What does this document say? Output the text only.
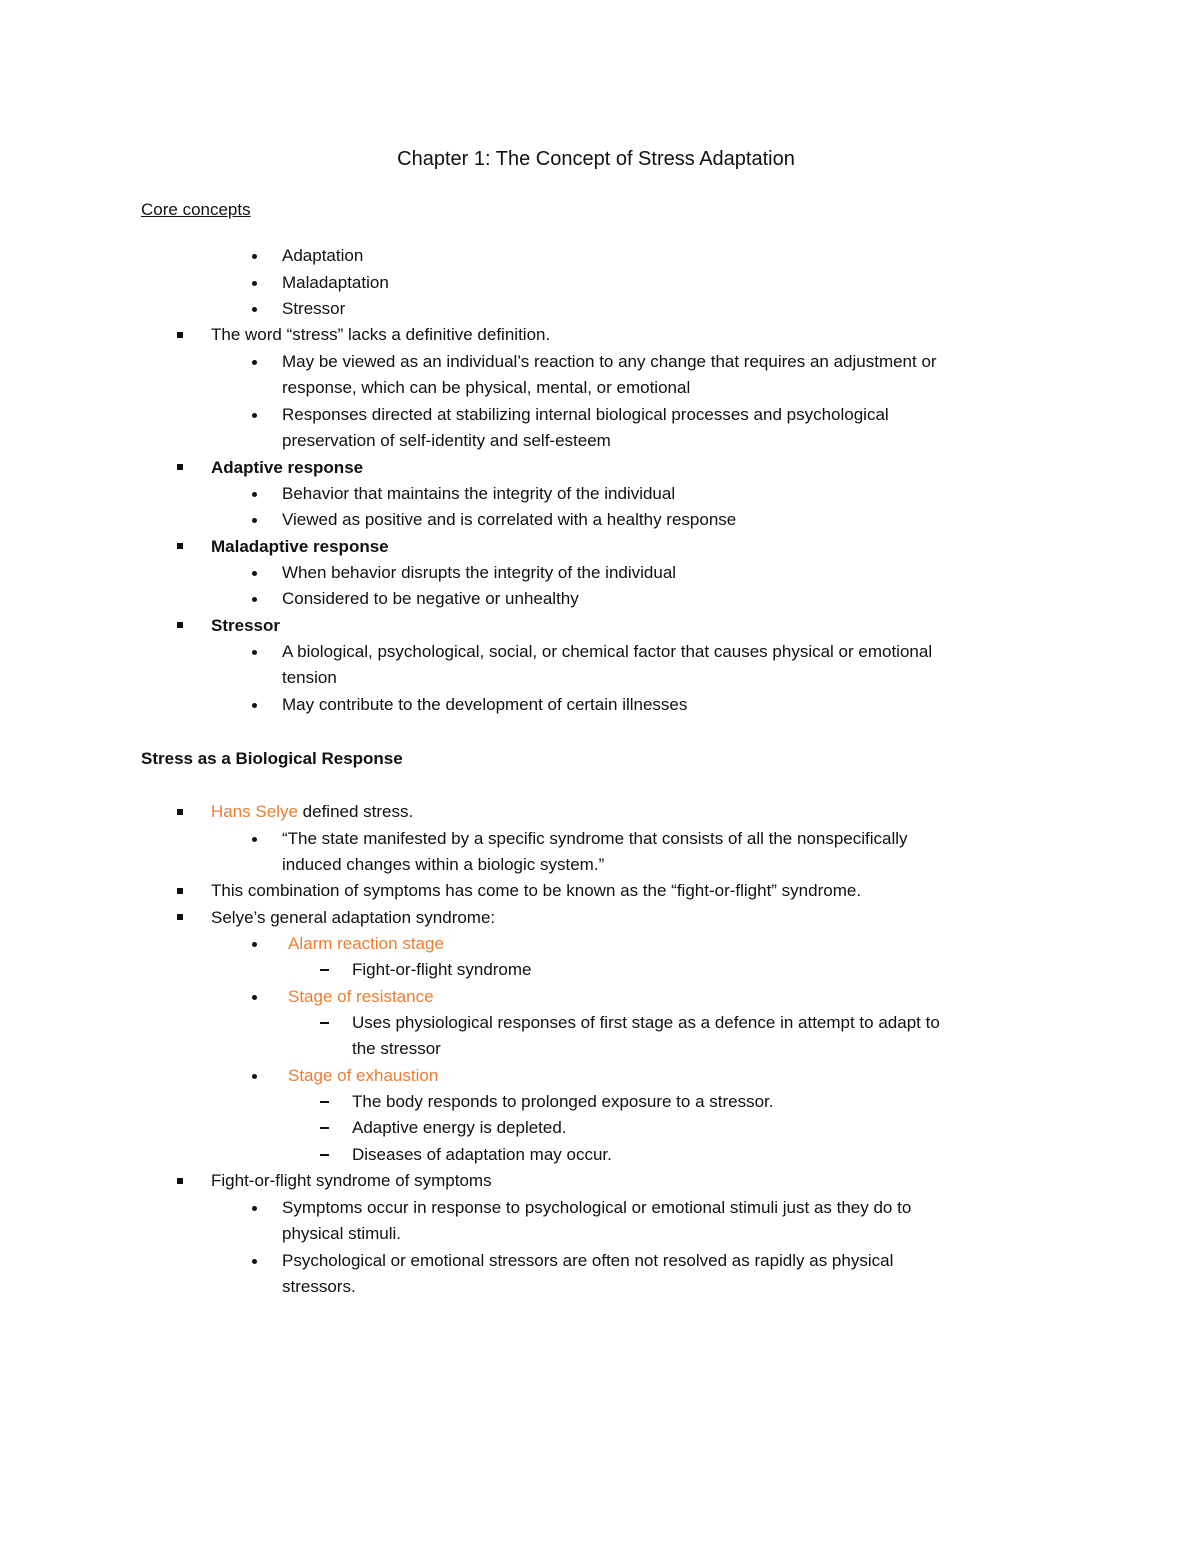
Chapter 1: The Concept of Stress Adaptation
Core concepts
Adaptation
Maladaptation
Stressor
The word “stress” lacks a definitive definition.
May be viewed as an individual’s reaction to any change that requires an adjustment or
response, which can be physical, mental, or emotional
Responses directed at stabilizing internal biological processes and psychological
preservation of self-identity and self-esteem
Adaptive response
Behavior that maintains the integrity of the individual
Viewed as positive and is correlated with a healthy response
Maladaptive response
When behavior disrupts the integrity of the individual
Considered to be negative or unhealthy
Stressor
A biological, psychological, social, or chemical factor that causes physical or emotional
tension
May contribute to the development of certain illnesses
Stress as a Biological Response
Hans Selye defined stress.
“The state manifested by a specific syndrome that consists of all the nonspecifically
induced changes within a biologic system.”
This combination of symptoms has come to be known as the “fight-or-flight” syndrome.
Selye’s general adaptation syndrome:
Alarm reaction stage
Fight-or-flight syndrome
Stage of resistance
Uses physiological responses of first stage as a defence in attempt to adapt to
the stressor
Stage of exhaustion
The body responds to prolonged exposure to a stressor.
Adaptive energy is depleted.
Diseases of adaptation may occur.
Fight-or-flight syndrome of symptoms
Symptoms occur in response to psychological or emotional stimuli just as they do to
physical stimuli.
Psychological or emotional stressors are often not resolved as rapidly as physical
stressors.
